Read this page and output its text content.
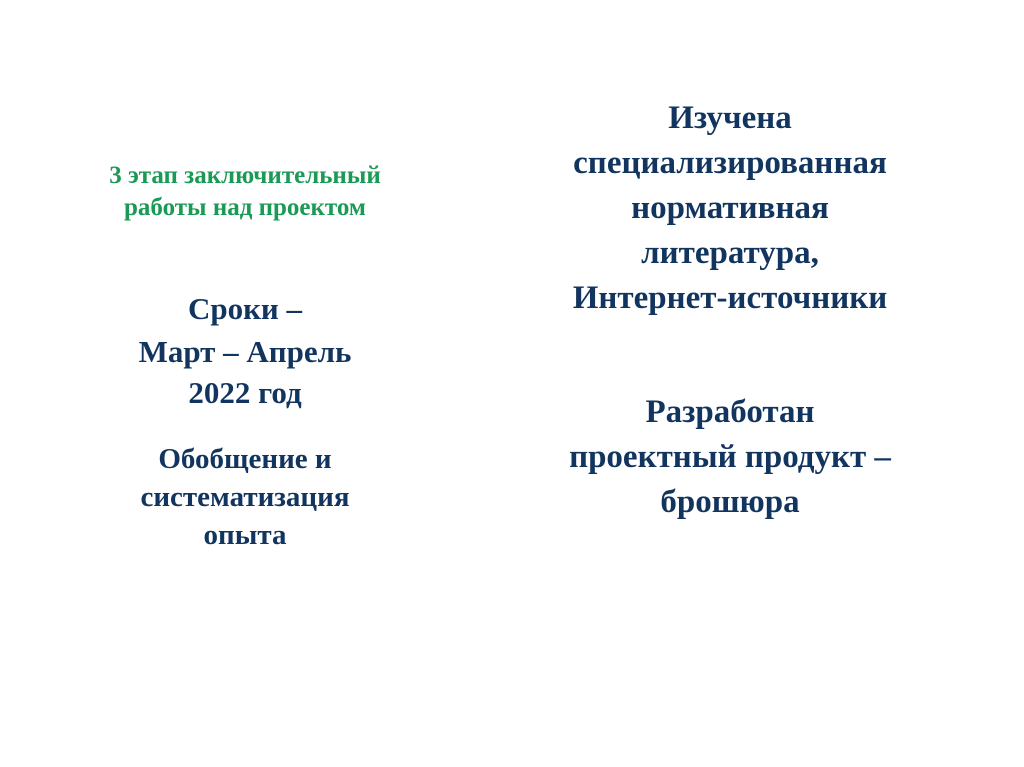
3 этап заключительный
работы над проектом

Сроки –
Март – Апрель
2022 год

Обобщение и
систематизация
опыта

Изучена
специализированная
нормативная
литература,
Интернет-источники

Разработан
проектный продукт –
брошюра
